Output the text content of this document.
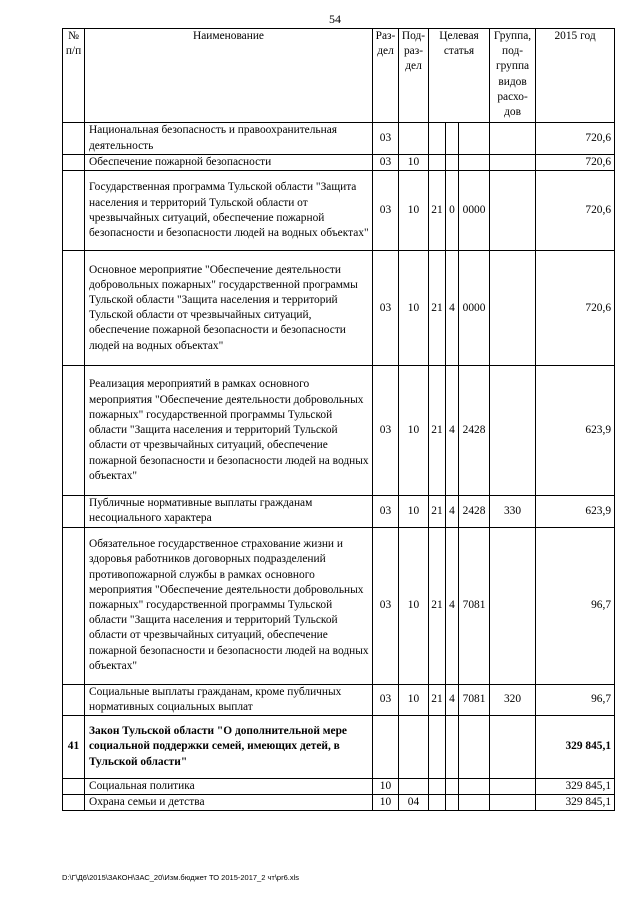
54
№ п/п	Наименование	Раз-дел	Под-раз-дел	Целевая статья			Группа, под-группа видов расхо-дов	2015 год
	Национальная безопасность и правоохранительная деятельность	03						720,6
	Обеспечение пожарной безопасности	03	10					720,6
	Государственная программа Тульской области "Защита населения и территорий Тульской области от чрезвычайных ситуаций, обеспечение пожарной безопасности и безопасности людей на водных объектах"	03	10	21	0	0000		720,6
	Основное мероприятие "Обеспечение деятельности добровольных пожарных" государственной программы Тульской области "Защита населения и территорий Тульской области от чрезвычайных ситуаций, обеспечение пожарной безопасности и безопасности людей на водных объектах"	03	10	21	4	0000		720,6
	Реализация мероприятий в рамках основного мероприятия "Обеспечение деятельности добровольных пожарных" государственной программы Тульской области "Защита населения и территорий Тульской области от чрезвычайных ситуаций, обеспечение пожарной безопасности и безопасности людей на водных объектах"	03	10	21	4	2428		623,9
	Публичные нормативные выплаты гражданам несоциального характера	03	10	21	4	2428	330	623,9
	Обязательное государственное страхование жизни и здоровья работников договорных подразделений противопожарной службы в рамках основного мероприятия "Обеспечение деятельности добровольных пожарных" государственной программы Тульской области "Защита населения и территорий Тульской области от чрезвычайных ситуаций, обеспечение пожарной безопасности и безопасности людей на водных объектах"	03	10	21	4	7081		96,7
	Социальные выплаты гражданам, кроме публичных нормативных социальных выплат	03	10	21	4	7081	320	96,7
41	Закон Тульской области "О дополнительной мере социальной поддержки семей, имеющих детей, в Тульской области"							329 845,1
	Социальная политика	10						329 845,1
	Охрана семьи и детства	10	04					329 845,1
D:\Г\Д6\2015\ЗАКОН\ЗАС_20\Изм.бюджет ТО 2015-2017_2 чт\pr6.xls
